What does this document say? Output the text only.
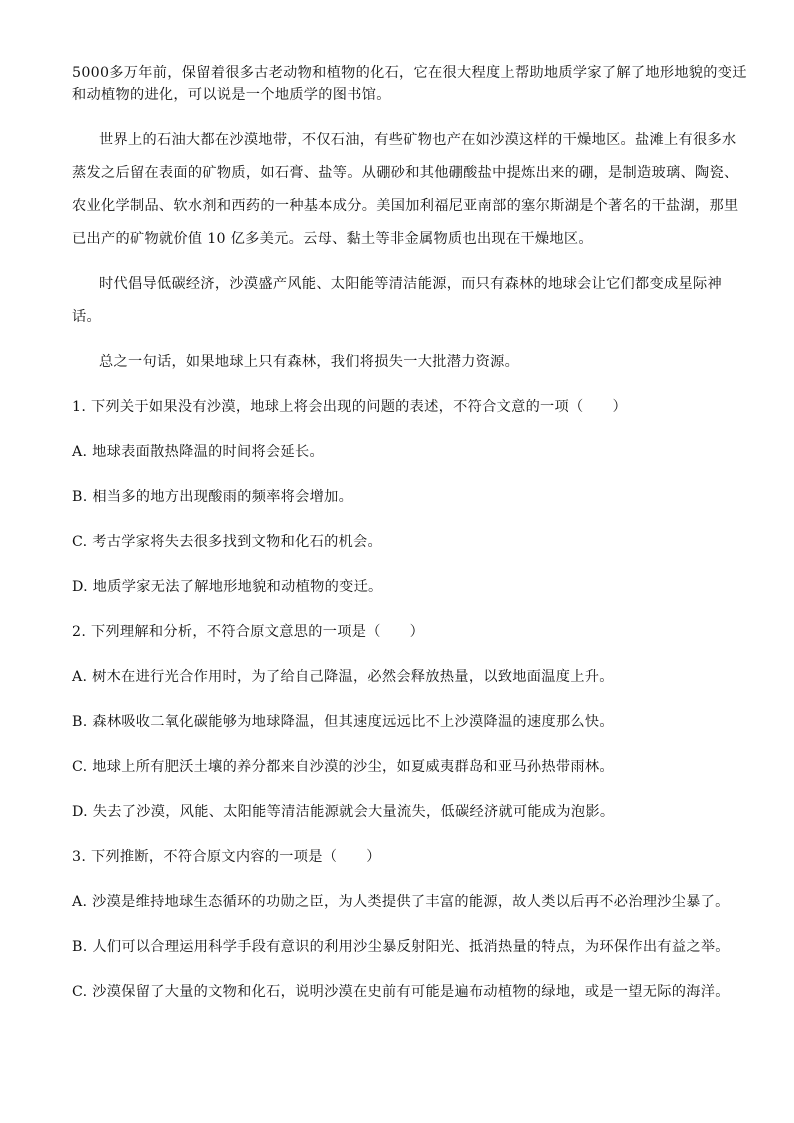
5000多万年前，保留着很多古老动物和植物的化石，它在很大程度上帮助地质学家了解了地形地貌的变迁
和动植物的进化，可以说是一个地质学的图书馆。
世界上的石油大都在沙漠地带，不仅石油，有些矿物也产在如沙漠这样的干燥地区。盐滩上有很多水
蒸发之后留在表面的矿物质，如石膏、盐等。从硼砂和其他硼酸盐中提炼出来的硼，是制造玻璃、陶瓷、
农业化学制品、软水剂和西药的一种基本成分。美国加利福尼亚南部的塞尔斯湖是个著名的干盐湖，那里
已出产的矿物就价值 10 亿多美元。云母、黏土等非金属物质也出现在干燥地区。
时代倡导低碳经济，沙漠盛产风能、太阳能等清洁能源，而只有森林的地球会让它们都变成星际神
话。
总之一句话，如果地球上只有森林，我们将损失一大批潜力资源。
1. 下列关于如果没有沙漠，地球上将会出现的问题的表述，不符合文意的一项（　　）
A. 地球表面散热降温的时间将会延长。
B. 相当多的地方出现酸雨的频率将会增加。
C. 考古学家将失去很多找到文物和化石的机会。
D. 地质学家无法了解地形地貌和动植物的变迁。
2. 下列理解和分析，不符合原文意思的一项是（　　）
A. 树木在进行光合作用时，为了给自己降温，必然会释放热量，以致地面温度上升。
B. 森林吸收二氧化碳能够为地球降温，但其速度远远比不上沙漠降温的速度那么快。
C. 地球上所有肥沃土壤的养分都来自沙漠的沙尘，如夏威夷群岛和亚马孙热带雨林。
D. 失去了沙漠，风能、太阳能等清洁能源就会大量流失，低碳经济就可能成为泡影。
3. 下列推断，不符合原文内容的一项是（　　）
A. 沙漠是维持地球生态循环的功勋之臣，为人类提供了丰富的能源，故人类以后再不必治理沙尘暴了。
B. 人们可以合理运用科学手段有意识的利用沙尘暴反射阳光、抵消热量的特点，为环保作出有益之举。
C. 沙漠保留了大量的文物和化石，说明沙漠在史前有可能是遍布动植物的绿地，或是一望无际的海洋。
